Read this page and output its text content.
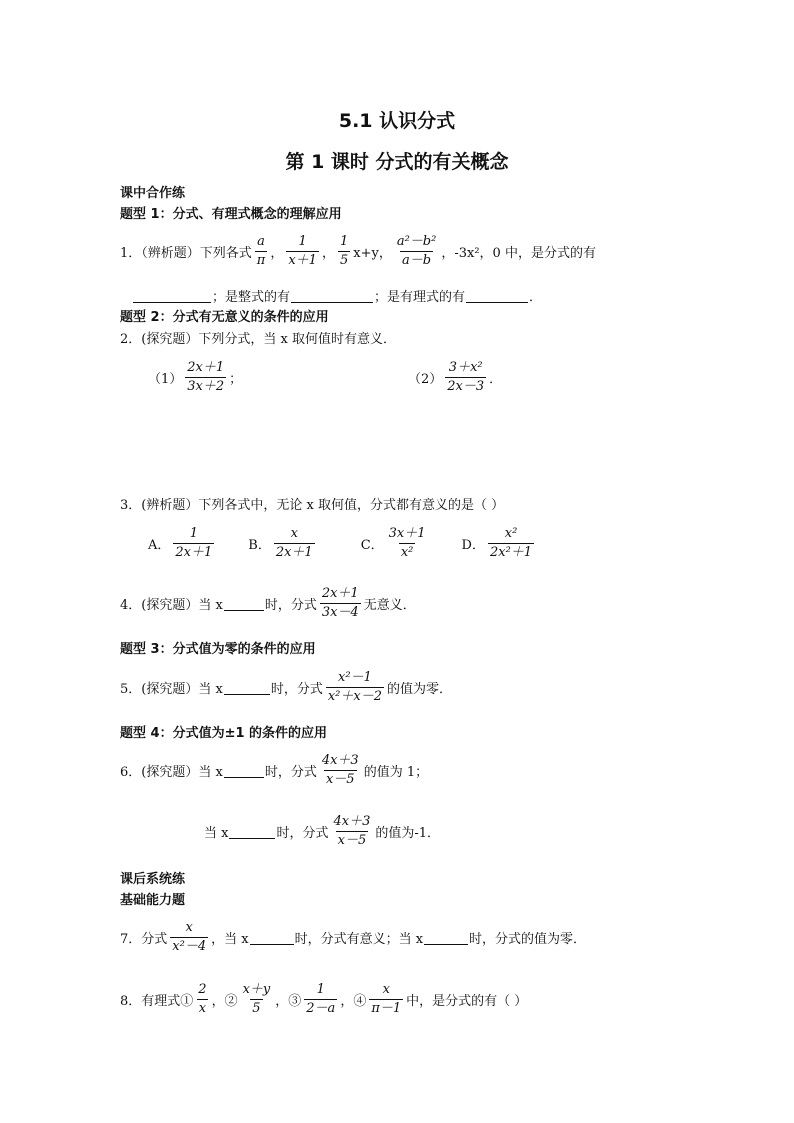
5.1 认识分式
第 1 课时 分式的有关概念
课中合作练
题型 1：分式、有理式概念的理解应用
1．（辨析题）下列各式 $\frac{a}{\pi}$ ， $\frac{1}{x+1}$ ， $\frac{1}{5} x+y$， $\frac{\text{a²－b²}}{a-b}$ ，-3x²，0 中，是分式的有
；是整式的有	；是有理式的有	．
题型 2：分式有无意义的条件的应用
2．(探究题）下列分式，当 x 取何值时有意义．
$(1) \frac{2x+1}{3x+2}$ ；	$(2) \frac{\text{3＋x²}}{2x-3}$ ．
3．(辨析题）下列各式中，无论 x 取何值，分式都有意义的是（ ）
A． $\frac{1}{2x+1}$	B． $\frac{x}{2x+1}$	C． $\frac{3x+1}{\text{x²}}$	D． $\frac{\text{x²}}{\text{2x²＋1}}$
4．(探究题）当 x	时，分式 $\frac{2x+1}{3x-4}$ 无意义．
题型 3：分式值为零的条件的应用
5．(探究题）当 x	时，分式 $\frac{\text{x²－1}}{\text{x²＋x－2}}$ 的值为零．
题型 4：分式值为±1 的条件的应用
6．(探究题）当 x	时，分式 $\frac{4x+3}{x-5}$ 的值为 1；
当 x	时，分式 $\frac{4x+3}{x-5}$ 的值为-1．
课后系统练
基础能力题
7．分式 $\frac{x}{\text{x²－4}}$ ，当 x	时，分式有意义；当 x	时，分式的值为零．
8．有理式① $\frac{2}{x}$ ，② $\frac{x+y}{5}$ ，③ $\frac{1}{2-a}$ ，④ $\frac{x}{\pi-1}$ 中，是分式的有（ ）
